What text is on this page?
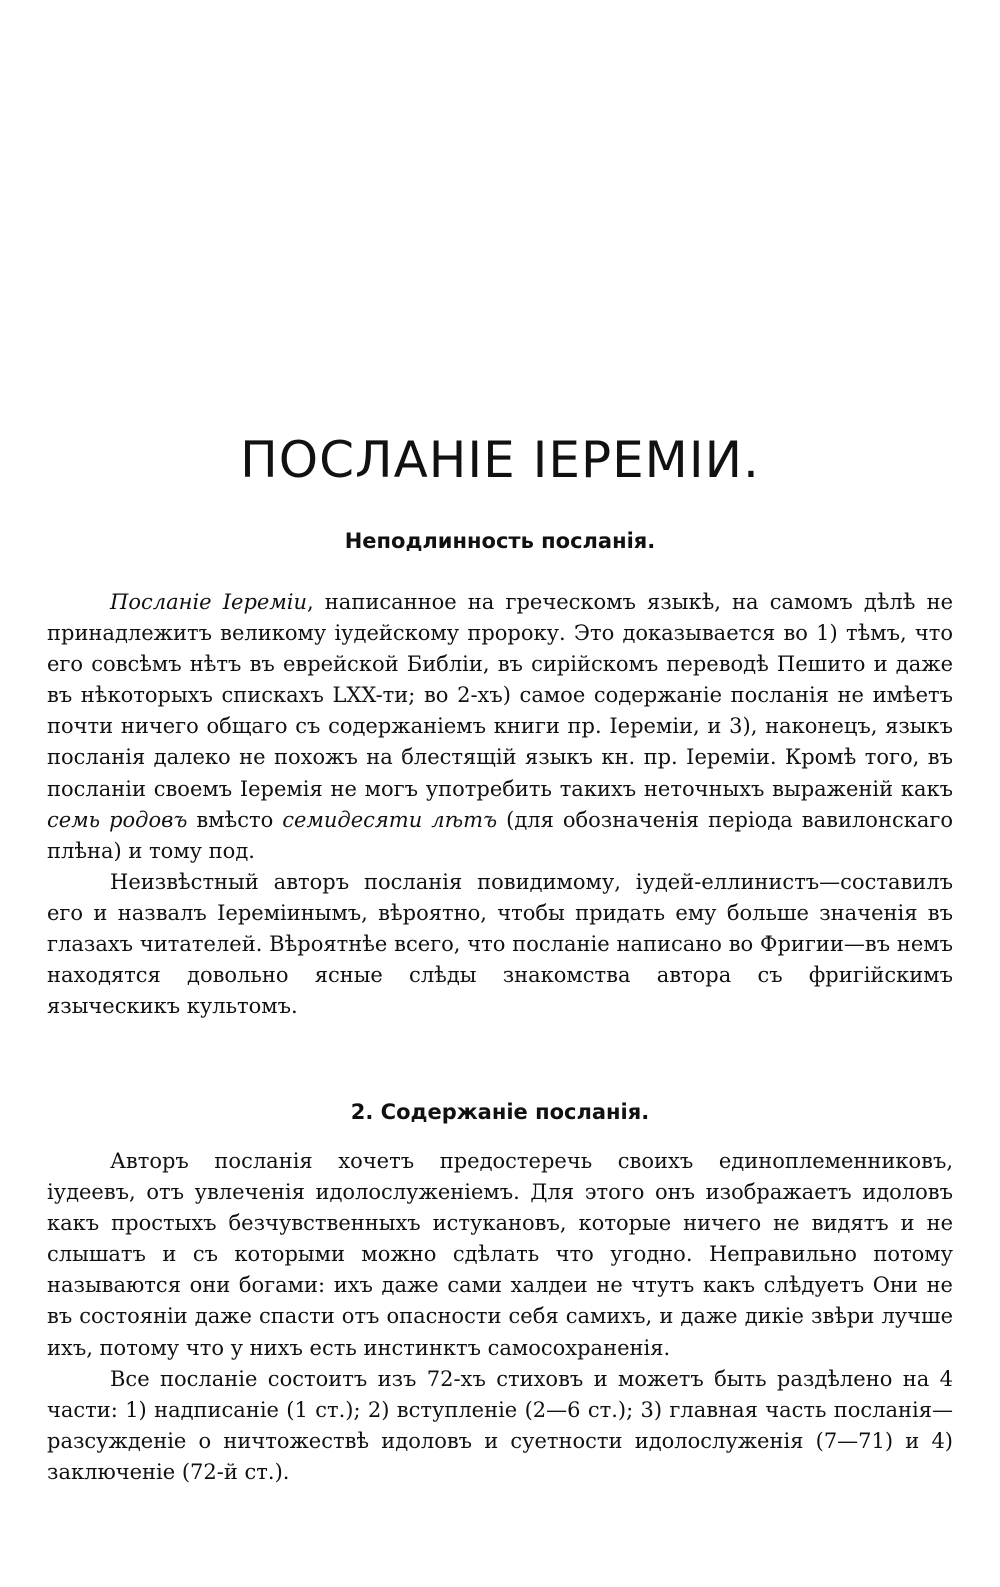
ПОСЛАНІЕ ІЕРЕМІИ.
Неподлинность посланія.

Посланіе Іереміи, написанное на греческомъ языкѣ, на самомъ дѣлѣ не принадлежитъ великому іудейскому пророку. Это доказывается во 1) тѣмъ, что его совсѣмъ нѣтъ въ еврейской Библіи, въ сирійскомъ переводѣ Пешито и даже въ нѣкоторыхъ спискахъ LXX-ти; во 2-хъ) самое содержаніе посланія не имѣетъ почти ничего общаго съ содержаніемъ книги пр. Іереміи, и 3), наконецъ, языкъ посланія далеко не похожъ на блестящій языкъ кн. пр. Іереміи. Кромѣ того, въ посланіи своемъ Іеремія не могъ употребить такихъ неточныхъ выраженій какъ семь родовъ вмѣсто семидесяти лѣтъ (для обозначенія періода вавилонскаго плѣна) и тому под.

Неизвѣстный авторъ посланія повидимому, іудей-еллинистъ—составилъ его и назвалъ Іереміинымъ, вѣроятно, чтобы придать ему больше значенія въ глазахъ читателей. Вѣроятнѣе всего, что посланіе написано во Фригии—въ немъ находятся довольно ясные слѣды знакомства автора съ фригійскимъ языческикъ культомъ.

2. Содержаніе посланія.

Авторъ посланія хочетъ предостеречь своихъ единоплеменниковъ, іудеевъ, отъ увлеченія идолослуженіемъ. Для этого онъ изображаетъ идоловъ какъ простыхъ безчувственныхъ истукановъ, которые ничего не видятъ и не слышатъ и съ которыми можно сдѣлать что угодно. Неправильно потому называются они богами: ихъ даже сами халдеи не чтутъ какъ слѣдуетъ Они не въ состояніи даже спасти отъ опасности себя самихъ, и даже дикіе звѣри лучше ихъ, потому что у нихъ есть инстинктъ самосохраненія.

Все посланіе состоитъ изъ 72-хъ стиховъ и можетъ быть раздѣлено на 4 части: 1) надписаніе (1 ст.); 2) вступленіе (2—6 ст.); 3) главная часть посланія—разсужденіе о ничтожествѣ идоловъ и суетности идолослуженія (7—71) и 4) заключеніе (72-й ст.).
